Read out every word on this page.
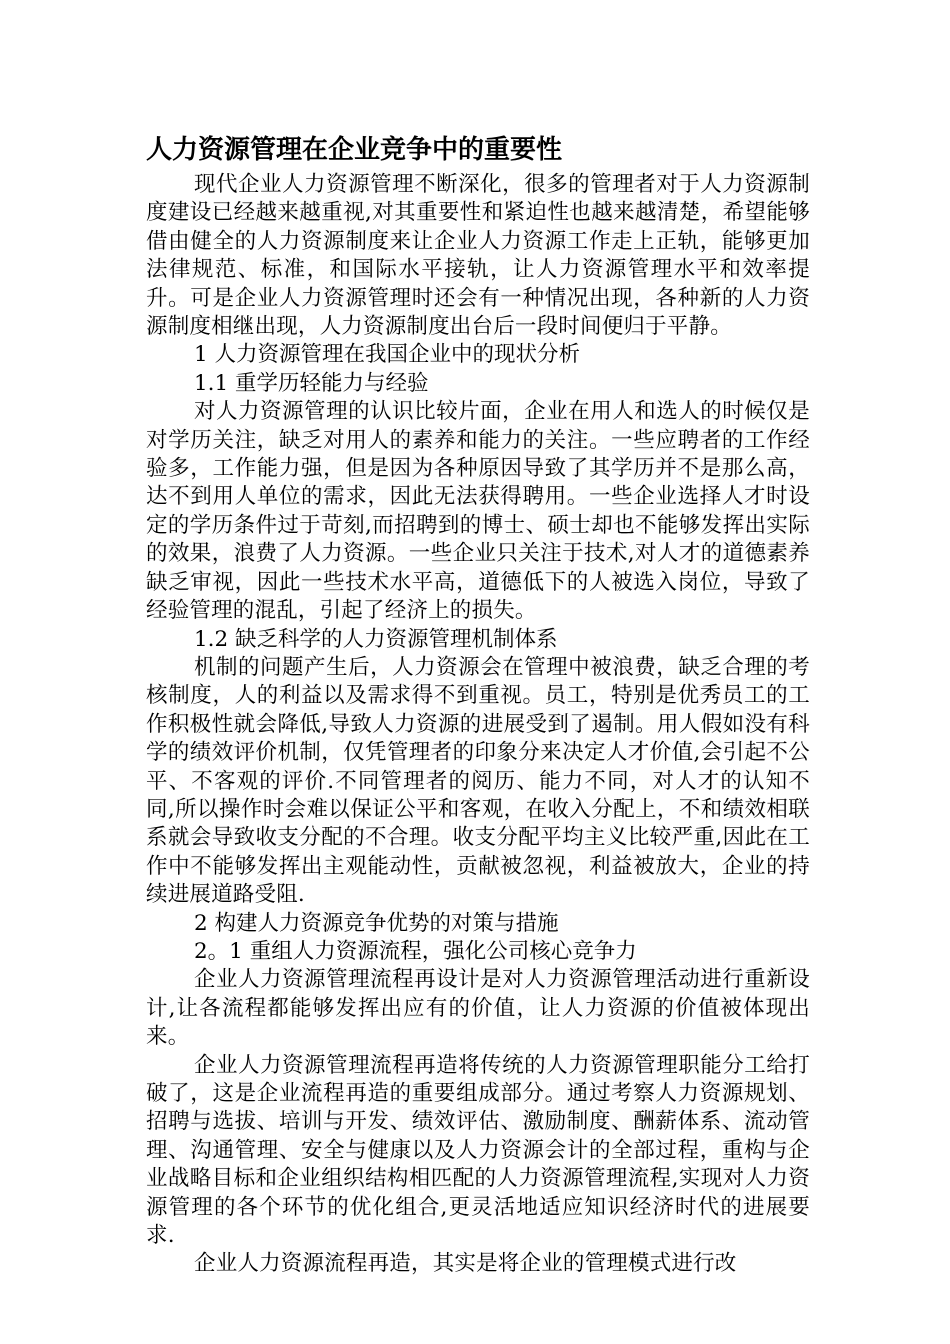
人力资源管理在企业竞争中的重要性

现代企业人力资源管理不断深化，很多的管理者对于人力资源制度建设已经越来越重视,对其重要性和紧迫性也越来越清楚，希望能够借由健全的人力资源制度来让企业人力资源工作走上正轨，能够更加法律规范、标准，和国际水平接轨，让人力资源管理水平和效率提升。可是企业人力资源管理时还会有一种情况出现，各种新的人力资源制度相继出现，人力资源制度出台后一段时间便归于平静。

1 人力资源管理在我国企业中的现状分析

1.1 重学历轻能力与经验

对人力资源管理的认识比较片面，企业在用人和选人的时候仅是对学历关注，缺乏对用人的素养和能力的关注。一些应聘者的工作经验多，工作能力强，但是因为各种原因导致了其学历并不是那么高，达不到用人单位的需求，因此无法获得聘用。一些企业选择人才时设定的学历条件过于苛刻,而招聘到的博士、硕士却也不能够发挥出实际的效果，浪费了人力资源。一些企业只关注于技术,对人才的道德素养缺乏审视，因此一些技术水平高，道德低下的人被选入岗位，导致了经验管理的混乱，引起了经济上的损失。

1.2 缺乏科学的人力资源管理机制体系

机制的问题产生后，人力资源会在管理中被浪费，缺乏合理的考核制度，人的利益以及需求得不到重视。员工，特别是优秀员工的工作积极性就会降低,导致人力资源的进展受到了遏制。用人假如没有科学的绩效评价机制，仅凭管理者的印象分来决定人才价值,会引起不公平、不客观的评价.不同管理者的阅历、能力不同，对人才的认知不同,所以操作时会难以保证公平和客观，在收入分配上，不和绩效相联系就会导致收支分配的不合理。收支分配平均主义比较严重,因此在工作中不能够发挥出主观能动性，贡献被忽视，利益被放大，企业的持续进展道路受阻.

2 构建人力资源竞争优势的对策与措施

2。1 重组人力资源流程，强化公司核心竞争力

企业人力资源管理流程再设计是对人力资源管理活动进行重新设计,让各流程都能够发挥出应有的价值，让人力资源的价值被体现出来。

企业人力资源管理流程再造将传统的人力资源管理职能分工给打破了，这是企业流程再造的重要组成部分。通过考察人力资源规划、招聘与选拔、培训与开发、绩效评估、激励制度、酬薪体系、流动管理、沟通管理、安全与健康以及人力资源会计的全部过程，重构与企业战略目标和企业组织结构相匹配的人力资源管理流程,实现对人力资源管理的各个环节的优化组合,更灵活地适应知识经济时代的进展要求.

企业人力资源流程再造，其实是将企业的管理模式进行改
